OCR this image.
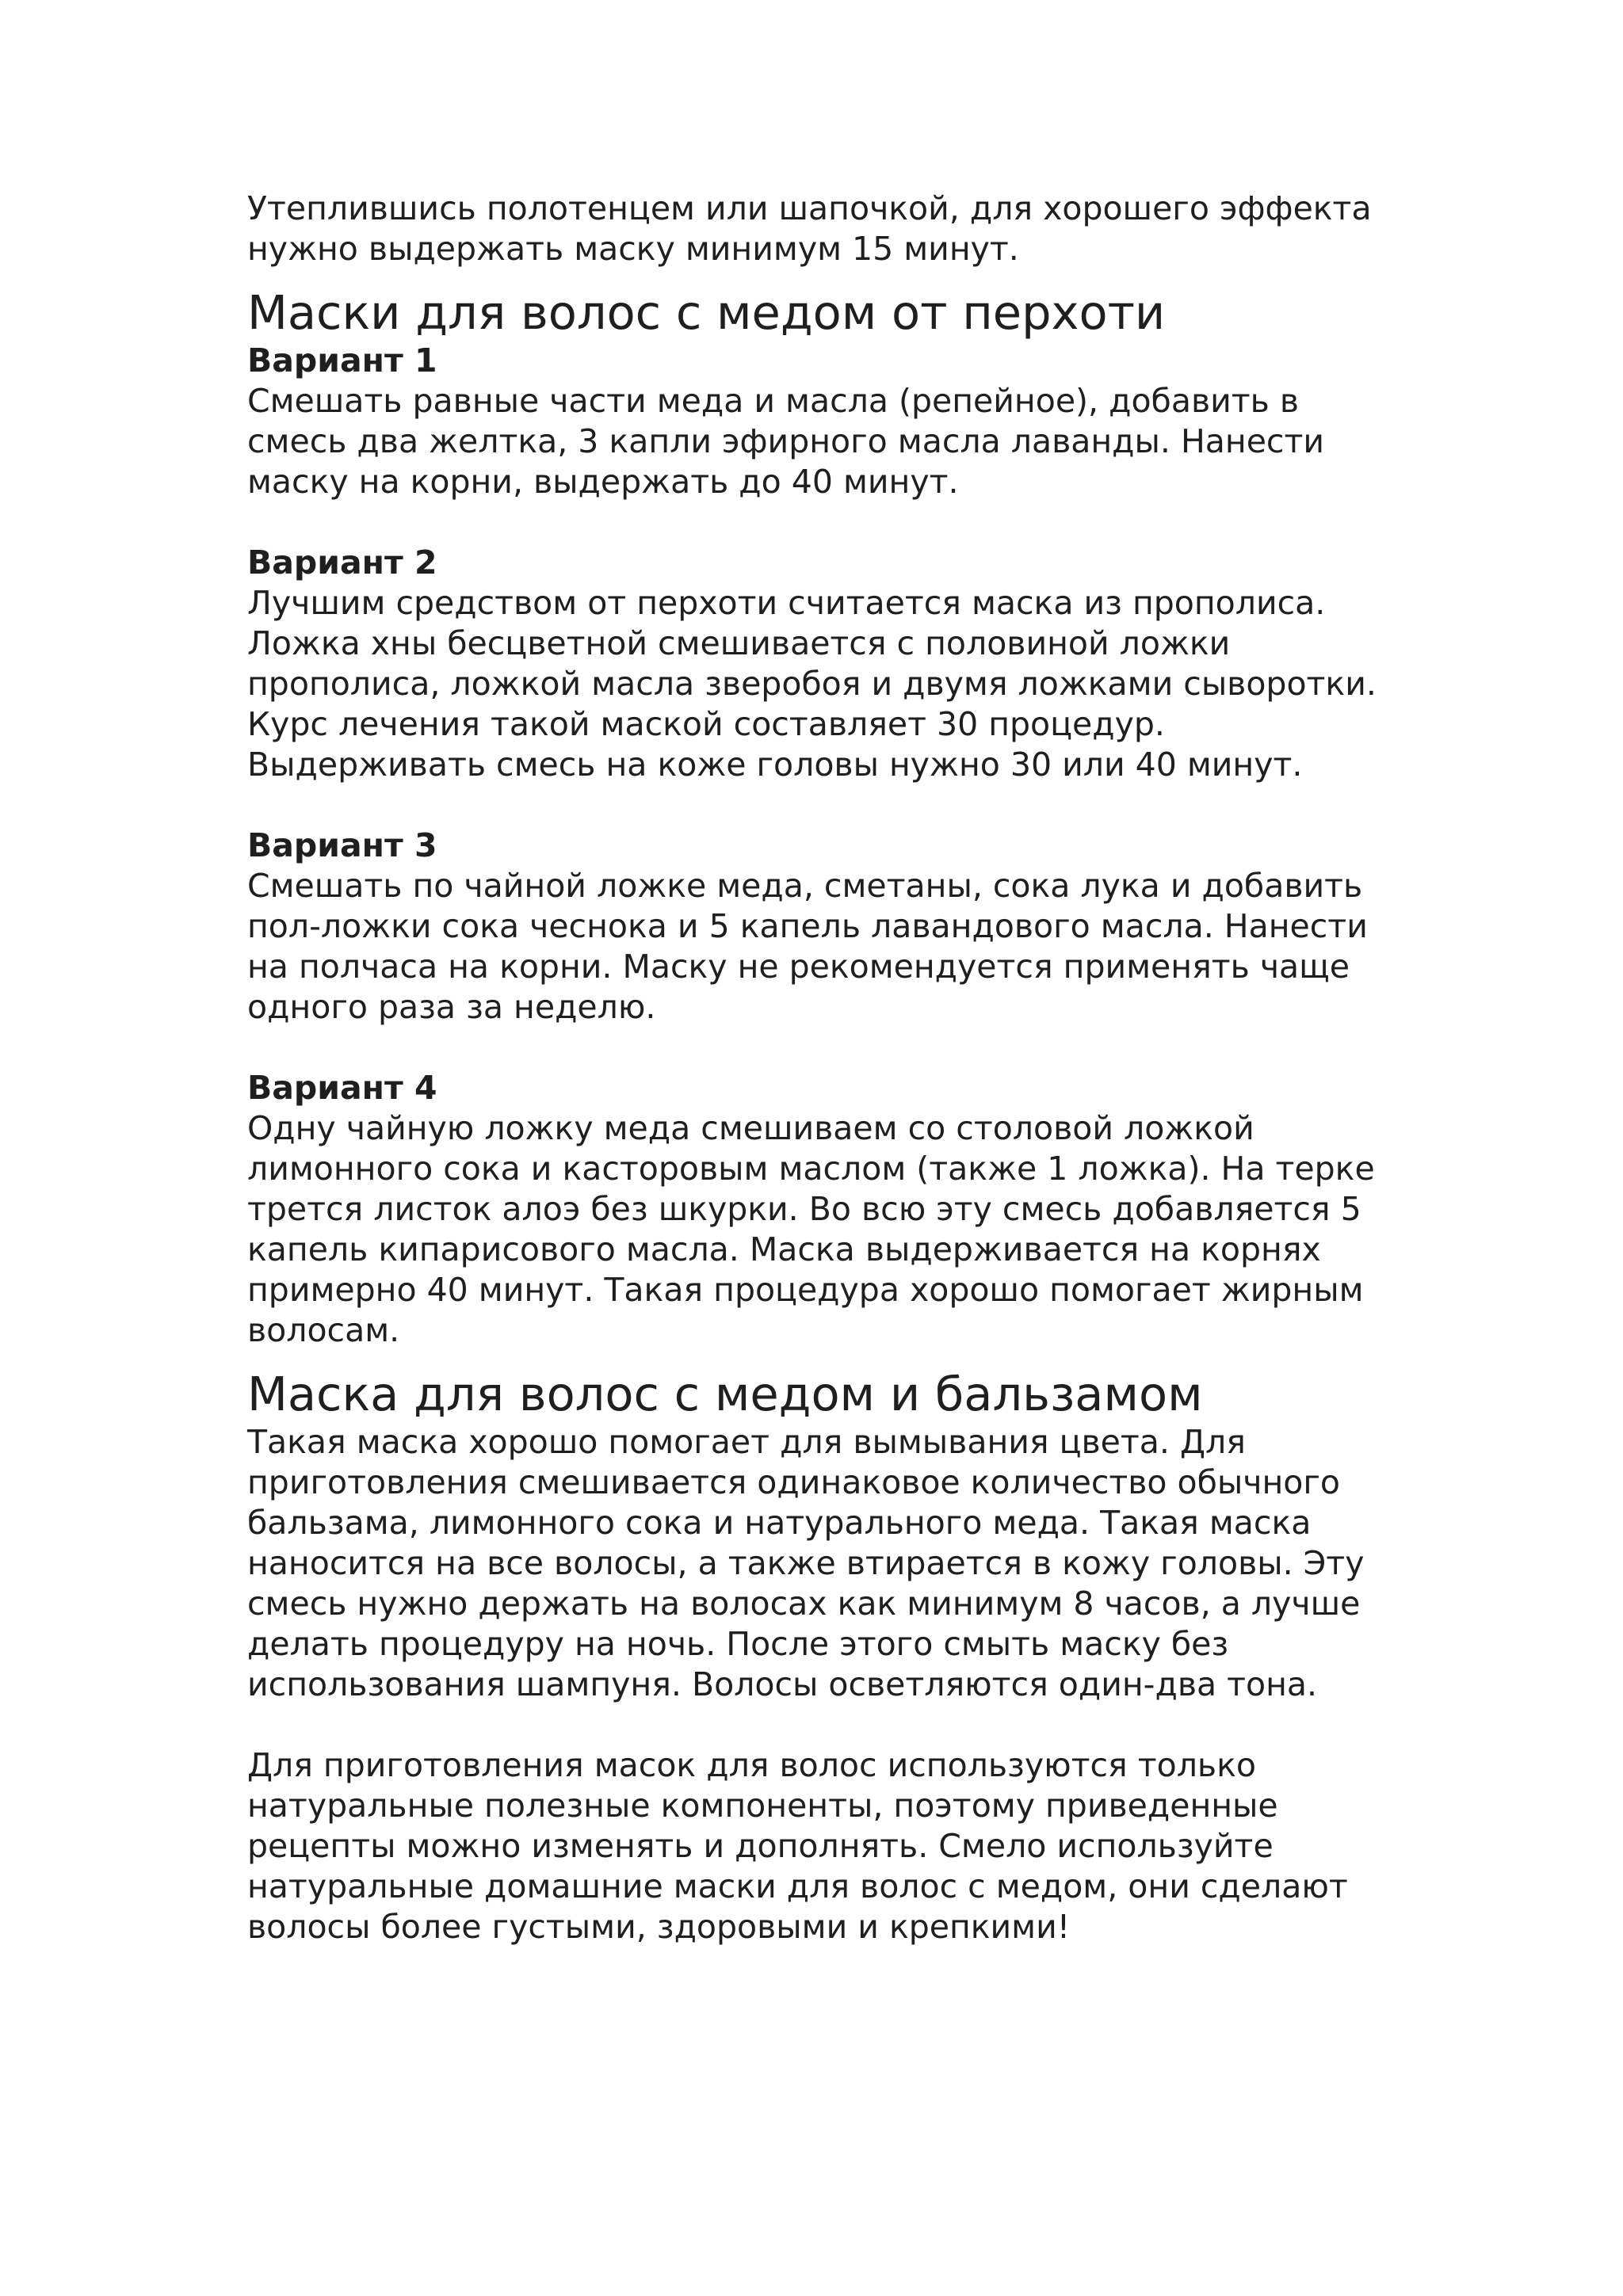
Утеплившись полотенцем или шапочкой, для хорошего эффекта
нужно выдержать маску минимум 15 минут.

Маски для волос с медом от перхоти
Вариант 1

Смешать равные части меда и масла (репейное), добавить в
смесь два желтка, 3 капли эфирного масла лаванды. Нанести
маску на корни, выдержать до 40 минут.

Вариант 2

Лучшим средством от перхоти считается маска из прополиса.
Ложка хны бесцветной смешивается с половиной ложки
прополиса, ложкой масла зверобоя и двумя ложками сыворотки.
Курс лечения такой маской составляет 30 процедур.
Выдерживать смесь на коже головы нужно 30 или 40 минут.

Вариант 3

Смешать по чайной ложке меда, сметаны, сока лука и добавить
пол-ложки сока чеснока и 5 капель лавандового масла. Нанести
на полчаса на корни. Маску не рекомендуется применять чаще
одного раза за неделю.

Вариант 4

Одну чайную ложку меда смешиваем со столовой ложкой
лимонного сока и касторовым маслом (также 1 ложка). На терке
трется листок алоэ без шкурки. Во всю эту смесь добавляется 5
капель кипарисового масла. Маска выдерживается на корнях
примерно 40 минут. Такая процедура хорошо помогает жирным
волосам.

Маска для волос с медом и бальзамом

Такая маска хорошо помогает для вымывания цвета. Для
приготовления смешивается одинаковое количество обычного
бальзама, лимонного сока и натурального меда. Такая маска
наносится на все волосы, а также втирается в кожу головы. Эту
смесь нужно держать на волосах как минимум 8 часов, а лучше
делать процедуру на ночь. После этого смыть маску без
использования шампуня. Волосы осветляются один-два тона.

Для приготовления масок для волос используются только
натуральные полезные компоненты, поэтому приведенные
рецепты можно изменять и дополнять. Смело используйте
натуральные домашние маски для волос с медом, они сделают
волосы более густыми, здоровыми и крепкими!
